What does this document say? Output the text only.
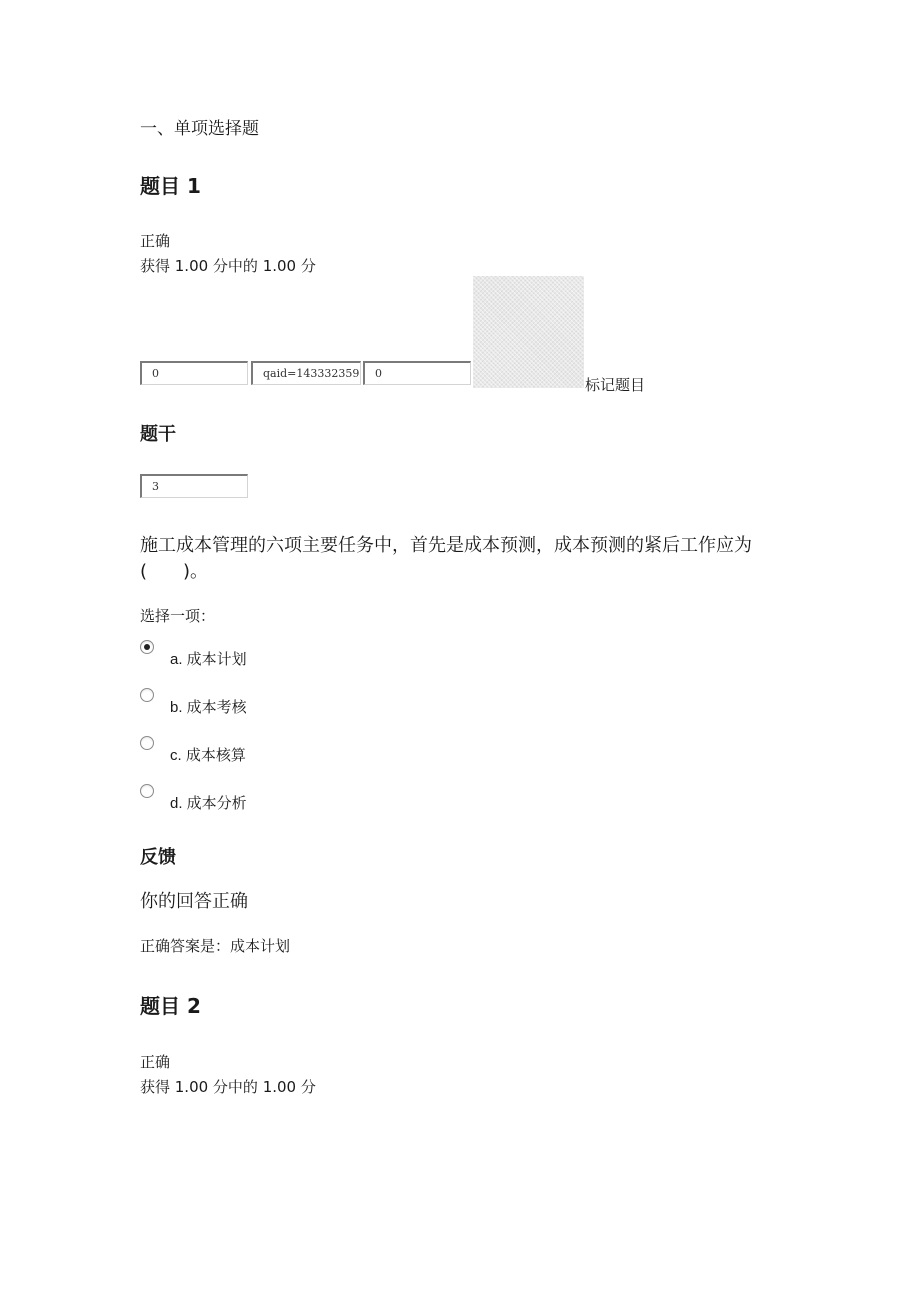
一、单项选择题
题目 1
正确
获得 1.00 分中的 1.00 分
0	qaid=143332359	0
标记题目
题干
3
施工成本管理的六项主要任务中，首先是成本预测，成本预测的紧后工作应为(　　)。
选择一项：
a. 成本计划
b. 成本考核
c. 成本核算
d. 成本分析
反馈
你的回答正确
正确答案是：成本计划
题目 2
正确
获得 1.00 分中的 1.00 分
